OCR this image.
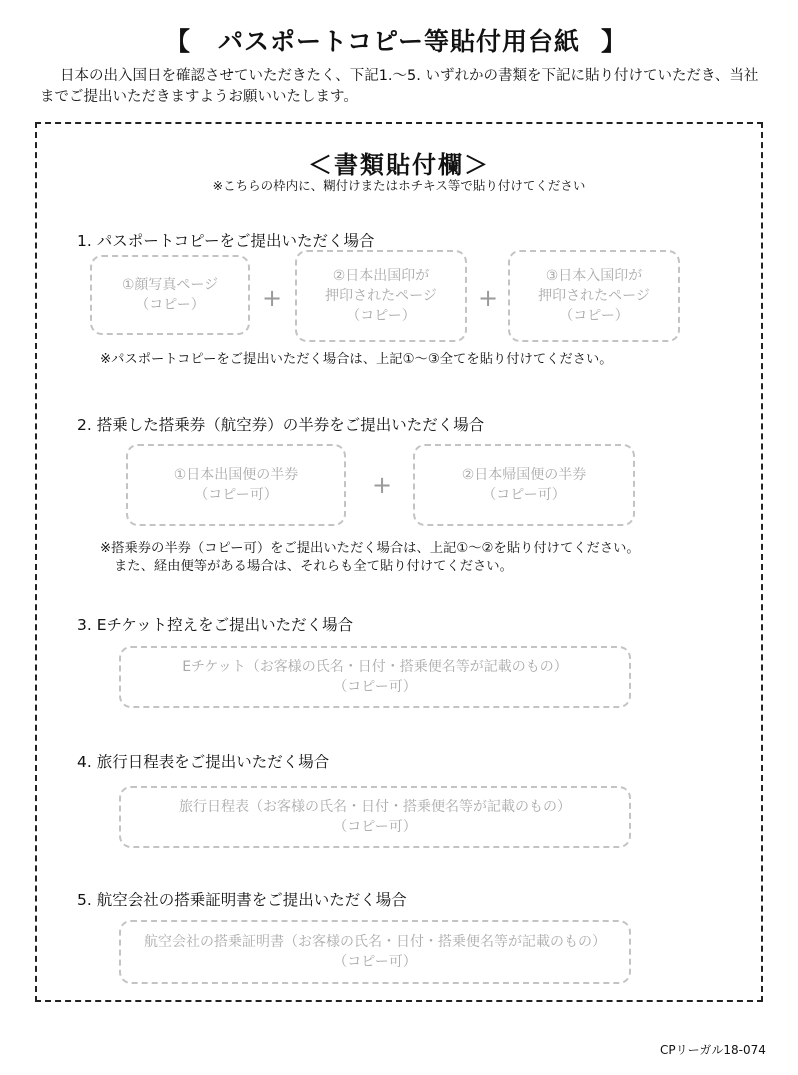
【 パスポートコピー等貼付用台紙 】
日本の出入国日を確認させていただきたく、下記1.～5. いずれかの書類を下記に貼り付けていただき、当社までご提出いただきますようお願いいたします。
＜書類貼付欄＞
※こちらの枠内に、糊付けまたはホチキス等で貼り付けてください
1. パスポートコピーをご提出いただく場合
①顔写真ページ
（コピー） +
②日本出国印が
押印されたページ
（コピー）
+
③日本入国印が
押印されたページ
（コピー）
※パスポートコピーをご提出いただく場合は、上記①～③全てを貼り付けてください。
2. 搭乗した搭乗券（航空券）の半券をご提出いただく場合
①日本出国便の半券
（コピー可）	+	②日本帰国便の半券
（コピー可）
※搭乗券の半券（コピー可）をご提出いただく場合は、上記①～②を貼り付けてください。
また、経由便等がある場合は、それらも全て貼り付けてください。
3. Eチケット控えをご提出いただく場合
Eチケット（お客様の氏名・日付・搭乗便名等が記載のもの）
（コピー可）
4. 旅行日程表をご提出いただく場合
旅行日程表（お客様の氏名・日付・搭乗便名等が記載のもの）
（コピー可）
5. 航空会社の搭乗証明書をご提出いただく場合
航空会社の搭乗証明書（お客様の氏名・日付・搭乗便名等が記載のもの）
（コピー可）
CPリーガル18-074
